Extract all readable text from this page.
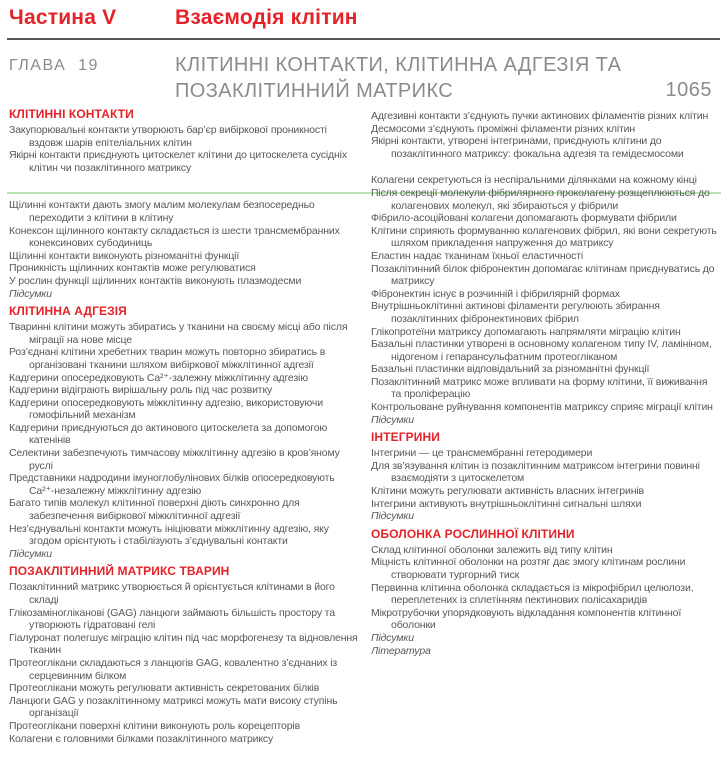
Частина V	Взаємодія клітин
ГЛАВА  19	КЛІТИННІ КОНТАКТИ, КЛІТИННА АДГЕЗІЯ ТА ПОЗАКЛІТИННИЙ МАТРИКС	1065
КЛІТИННІ КОНТАКТИ
Закупорювальні контакти утворюють бар’єр вибіркової проникності вздовж шарів епітеліальних клітин
Якірні контакти приєднують цитоскелет клітини до цитоскелета сусідніх клітин чи позаклітинного матриксу
Щілинні контакти дають змогу малим молекулам безпосередньо переходити з клітини в клітину
Конексон щілинного контакту складається із шести трансмембранних конексинових субодиниць
Щілинні контакти виконують різноманітні функції
Проникність щілинних контактів може регулюватися
У рослин функції щілинних контактів виконують плазмодесми
Підсумки
КЛІТИННА АДГЕЗІЯ
Тваринні клітини можуть збиратись у тканини на своєму місці або після міграції на нове місце
Роз’єднані клітини хребетних тварин можуть повторно збиратись в організовані тканини шляхом вибіркової міжклітинної адгезії
Кадгерини опосередковують Ca²⁺-залежну міжклітинну адгезію
Кадгерини відіграють вирішальну роль під час розвитку
Кадгерини опосередковують міжклітинну адгезію, використовуючи гомофільний механізм
Кадгерини приєднуються до актинового цитоскелета за допомогою катенінів
Селектини забезпечують тимчасову міжклітинну адгезію в кров’яному руслі
Представники надродини імуноглобулінових білків опосередковують Ca²⁺-незалежну міжклітинну адгезію
Багато типів молекул клітинної поверхні діють синхронно для забезпечення вибіркової міжклітинної адгезії
Нез’єднувальні контакти можуть ініціювати міжклітинну адгезію, яку згодом орієнтують і стабілізують з’єднувальні контакти
Підсумки
ПОЗАКЛІТИННИЙ МАТРИКС ТВАРИН
Позаклітинний матрикс утворюється й орієнтується клітинами в його складі
Глікозаміногліканові (GAG) ланцюги займають більшість простору та утворюють гідратовані гелі
Гіалуронат полегшує міграцію клітин під час морфогенезу та відновлення тканин
Протеоглікани складаються з ланцюгів GAG, ковалентно з’єднаних із серцевинним білком
Протеоглікани можуть регулювати активність секретованих білків
Ланцюги GAG у позаклітинному матриксі можуть мати високу ступінь організації
Протеоглікани поверхні клітини виконують роль корецепторів
Колагени є головними білками позаклітинного матриксу
Адгезивні контакти з’єднують пучки актинових філаментів різних клітин
Десмосоми з’єднують проміжні філаменти різних клітин
Якірні контакти, утворені інтегринами, приєднують клітини до позаклітинного матриксу: фокальна адгезія та гемідесмосоми
Колагени секретуються із неспіральними ділянками на кожному кінці
Після секреції молекули фібрилярного проколагену розщеплюються до колагенових молекул, які збираються у фібрили
Фібрило-асоційовані колагени допомагають формувати фібрили
Клітини сприяють формуванню колагенових фібрил, які вони секретують шляхом прикладення напруження до матриксу
Еластин надає тканинам їхньої еластичності
Позаклітинний білок фібронектин допомагає клітинам приєднуватись до матриксу
Фібронектин існує в розчинній і фібрилярній формах
Внутрішньоклітинні актинові філаменти регулюють збирання позаклітинних фібронектинових фібрил
Глікопротеїни матриксу допомагають напрямляти міграцію клітин
Базальні пластинки утворені в основному колагеном типу IV, ламініном, нідогеном і гепарансульфатним протеогліканом
Базальні пластинки відповідальний за різноманітні функції
Позаклітинний матрикс може впливати на форму клітини, її виживання та проліферацію
Контрольоване руйнування компонентів матриксу сприяє міграції клітин
Підсумки
ІНТЕГРИНИ
Інтегрини — це трансмембранні гетеродимери
Для зв’язування клітин із позаклітинним матриксом інтегрини повинні взаємодіяти з цитоскелетом
Клітини можуть регулювати активність власних інтегринів
Інтегрини активують внутрішньоклітинні сигнальні шляхи
Підсумки
ОБОЛОНКА РОСЛИННОЇ КЛІТИНИ
Склад клітинної оболонки залежить від типу клітин
Міцність клітинної оболонки на розтяг дає змогу клітинам рослини створювати тургорний тиск
Первинна клітинна оболонка складається із мікрофібрил целюлози, переплетених із сплетінням пектинових полісахаридів
Мікротрубочки упорядковують відкладання компонентів клітинної оболонки
Підсумки
Література
